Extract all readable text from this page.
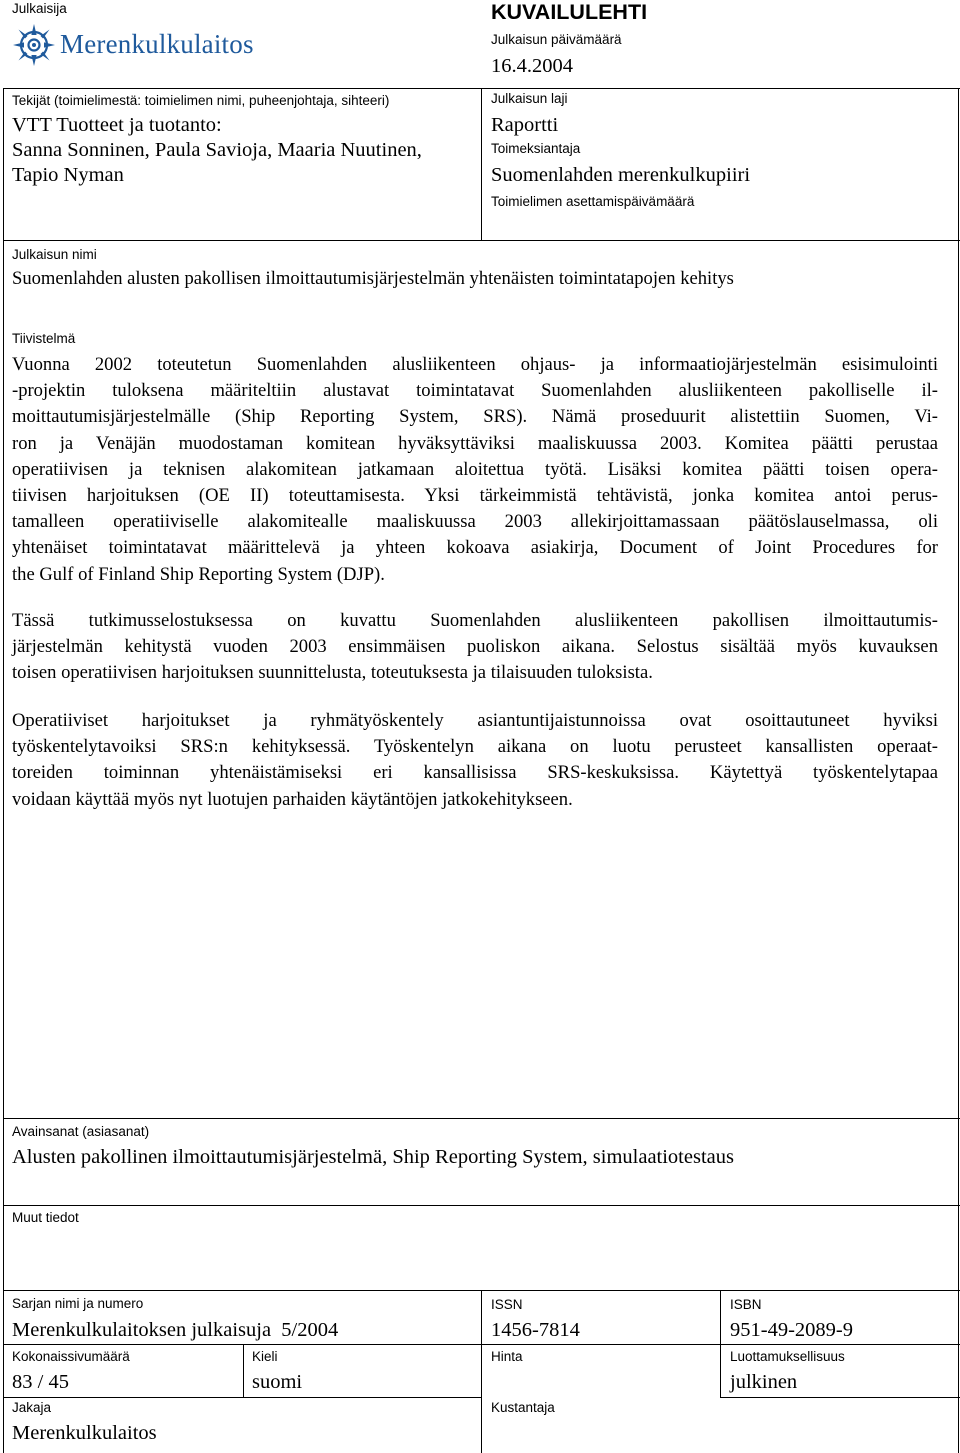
Julkaisija
Merenkulkulaitos
KUVAILULEHTI
Julkaisun päivämäärä
16.4.2004
Tekijät (toimielimestä: toimielimen nimi, puheenjohtaja, sihteeri)
VTT Tuotteet ja tuotanto:
Sanna Sonninen, Paula Savioja, Maaria Nuutinen,
Tapio Nyman
Julkaisun laji
Raportti
Toimeksiantaja
Suomenlahden merenkulkupiiri
Toimielimen asettamispäivämäärä
Julkaisun nimi
Suomenlahden alusten pakollisen ilmoittautumisjärjestelmän yhtenäisten toimintatapojen kehitys
Tiivistelmä

Vuonna 2002 toteutetun Suomenlahden alusliikenteen ohjaus- ja informaatiojärjestelmän esisimulointi
-projektin tuloksena määriteltiin alustavat toimintatavat Suomenlahden alusliikenteen pakolliselle il-
moittautumisjärjestelmälle (Ship Reporting System, SRS). Nämä proseduurit alistettiin Suomen, Vi-
ron ja Venäjän muodostaman komitean hyväksyttäviksi maaliskuussa 2003. Komitea päätti perustaa
operatiivisen ja teknisen alakomitean jatkamaan aloitettua työtä. Lisäksi komitea päätti toisen opera-
tiivisen harjoituksen (OE II) toteuttamisesta. Yksi tärkeimmistä tehtävistä, jonka komitea antoi perus-
tamalleen operatiiviselle alakomitealle maaliskuussa 2003 allekirjoittamassaan päätöslauselmassa, oli
yhtenäiset toimintatavat määrittelevä ja yhteen kokoava asiakirja, Document of Joint Procedures for
the Gulf of Finland Ship Reporting System (DJP).

Tässä tutkimusselostuksessa on kuvattu Suomenlahden alusliikenteen pakollisen ilmoittautumis-
järjestelmän kehitystä vuoden 2003 ensimmäisen puoliskon aikana. Selostus sisältää myös kuvauksen
toisen operatiivisen harjoituksen suunnittelusta, toteutuksesta ja tilaisuuden tuloksista.

Operatiiviset harjoitukset ja ryhmätyöskentely asiantuntijaistunnoissa ovat osoittautuneet hyviksi
työskentelytavoiksi SRS:n kehityksessä. Työskentelyn aikana on luotu perusteet kansallisten operaat-
toreiden toiminnan yhtenäistämiseksi eri kansallisissa SRS-keskuksissa. Käytettyä työskentelytapaa
voidaan käyttää myös nyt luotujen parhaiden käytäntöjen jatkokehitykseen.

Avainsanat (asiasanat)
Alusten pakollinen ilmoittautumisjärjestelmä, Ship Reporting System, simulaatiotestaus
Muut tiedot
Sarjan nimi ja numero
Merenkulkulaitoksen julkaisuja  5/2004
ISSN
1456-7814
ISBN
951-49-2089-9
Kokonaissivumäärä
83 / 45
Kieli
suomi
Hinta	Luottamuksellisuus
julkinen
Jakaja
Merenkulkulaitos
Kustantaja
